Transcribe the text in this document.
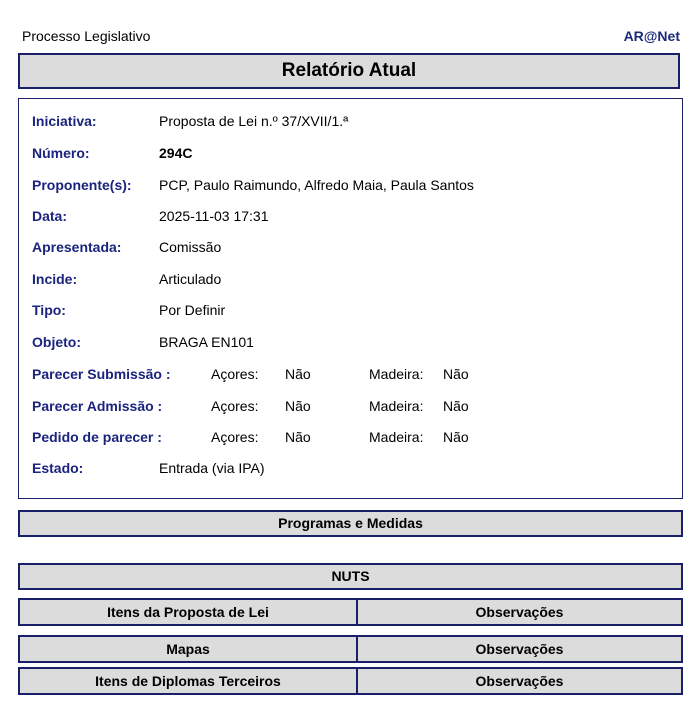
Processo Legislativo	AR@Net
Relatório Atual
Iniciativa:	Proposta de Lei n.º 37/XVII/1.ª
Número:	294C
Proponente(s): PCP, Paulo Raimundo, Alfredo Maia, Paula Santos
Data:	2025-11-03 17:31
Apresentada:	Comissão
Incide:	Articulado
Tipo:	Por Definir
Objeto:	BRAGA EN101
Parecer Submissão :	Açores: Não	Madeira: Não
Parecer Admissão :	Açores: Não	Madeira: Não
Pedido de parecer :	Açores: Não	Madeira: Não
Estado:	Entrada (via IPA)
Programas e Medidas
NUTS
Itens da Proposta de Lei	Observações
Mapas	Observações
Itens de Diplomas Terceiros	Observações
